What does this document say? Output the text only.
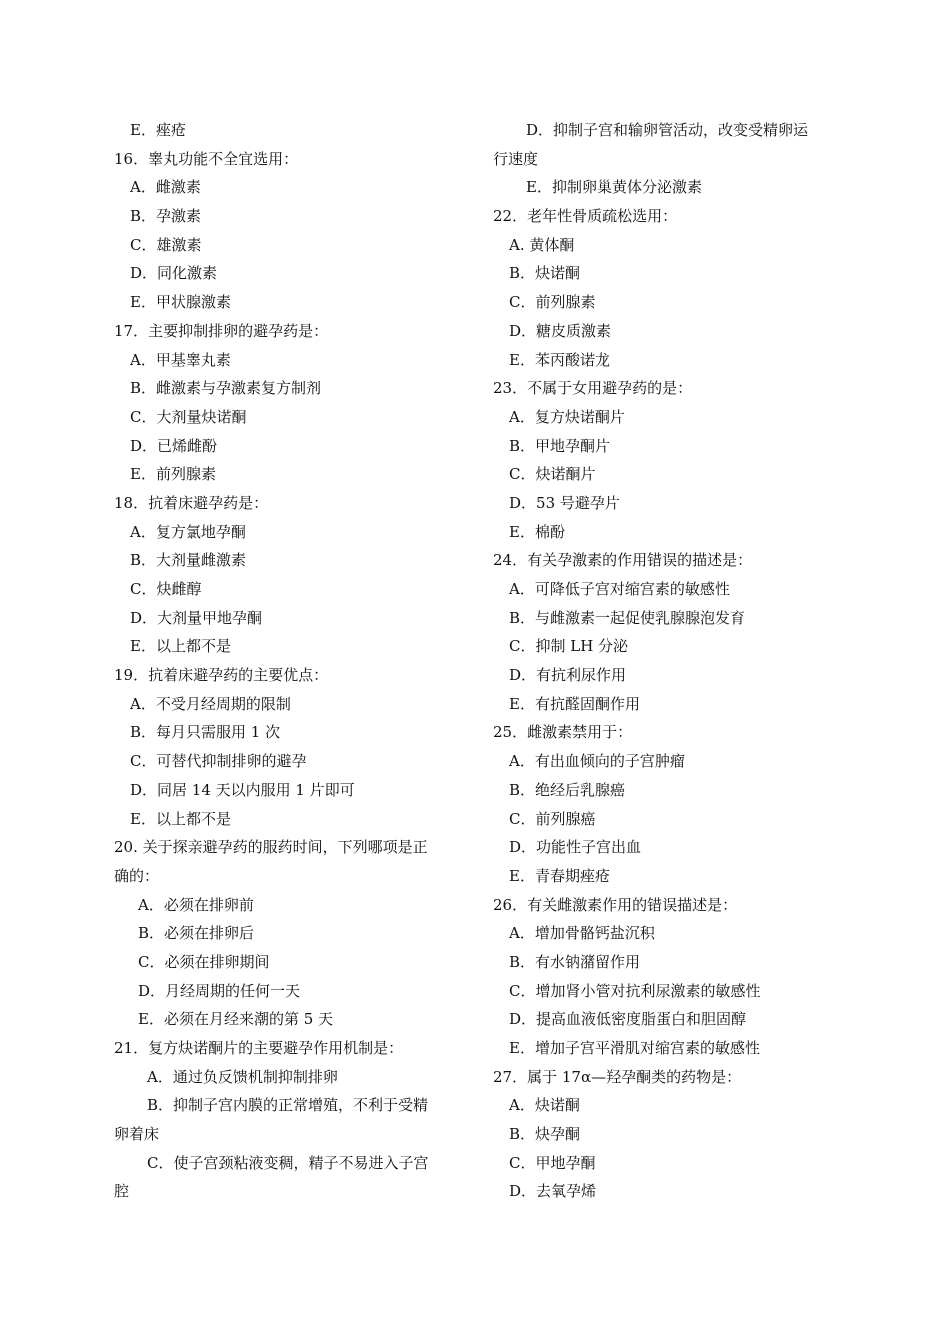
E．痤疮
16．睾丸功能不全宜选用：
A．雌激素
B．孕激素
C．雄激素
D．同化激素
E．甲状腺激素
17．主要抑制排卵的避孕药是：
A．甲基睾丸素
B．雌激素与孕激素复方制剂
C．大剂量炔诺酮
D．已烯雌酚
E．前列腺素
18．抗着床避孕药是：
A．复方氯地孕酮
B．大剂量雌激素
C．炔雌醇
D．大剂量甲地孕酮
E．以上都不是
19．抗着床避孕药的主要优点：
A．不受月经周期的限制
B．每月只需服用 1 次
C．可替代抑制排卵的避孕
D．同居 14 天以内服用 1 片即可
E．以上都不是
20. 关于探亲避孕药的服药时间，下列哪项是正
确的：
A．必须在排卵前
B．必须在排卵后
C．必须在排卵期间
D．月经周期的任何一天
E．必须在月经来潮的第 5 天
21．复方炔诺酮片的主要避孕作用机制是：
A．通过负反馈机制抑制排卵
B．抑制子宫内膜的正常增殖，不利于受精
卵着床
C．使子宫颈粘液变稠，精子不易进入子宫
腔
D．抑制子宫和输卵管活动，改变受精卵运
行速度
E．抑制卵巢黄体分泌激素
22．老年性骨质疏松选用：
A. 黄体酮
B．炔诺酮
C．前列腺素
D．糖皮质激素
E．苯丙酸诺龙
23．不属于女用避孕药的是：
A．复方炔诺酮片
B．甲地孕酮片
C．炔诺酮片
D．53 号避孕片
E．棉酚
24．有关孕激素的作用错误的描述是：
A．可降低子宫对缩宫素的敏感性
B．与雌激素一起促使乳腺腺泡发育
C．抑制 LH 分泌
D．有抗利尿作用
E．有抗醛固酮作用
25．雌激素禁用于：
A．有出血倾向的子宫肿瘤
B．绝经后乳腺癌
C．前列腺癌
D．功能性子宫出血
E．青春期痤疮
26．有关雌激素作用的错误描述是：
A．增加骨骼钙盐沉积
B．有水钠潴留作用
C．增加肾小管对抗利尿激素的敏感性
D．提高血液低密度脂蛋白和胆固醇
E．增加子宫平滑肌对缩宫素的敏感性
27．属于 17α—羟孕酮类的药物是：
A．炔诺酮
B．炔孕酮
C．甲地孕酮
D．去氧孕烯
